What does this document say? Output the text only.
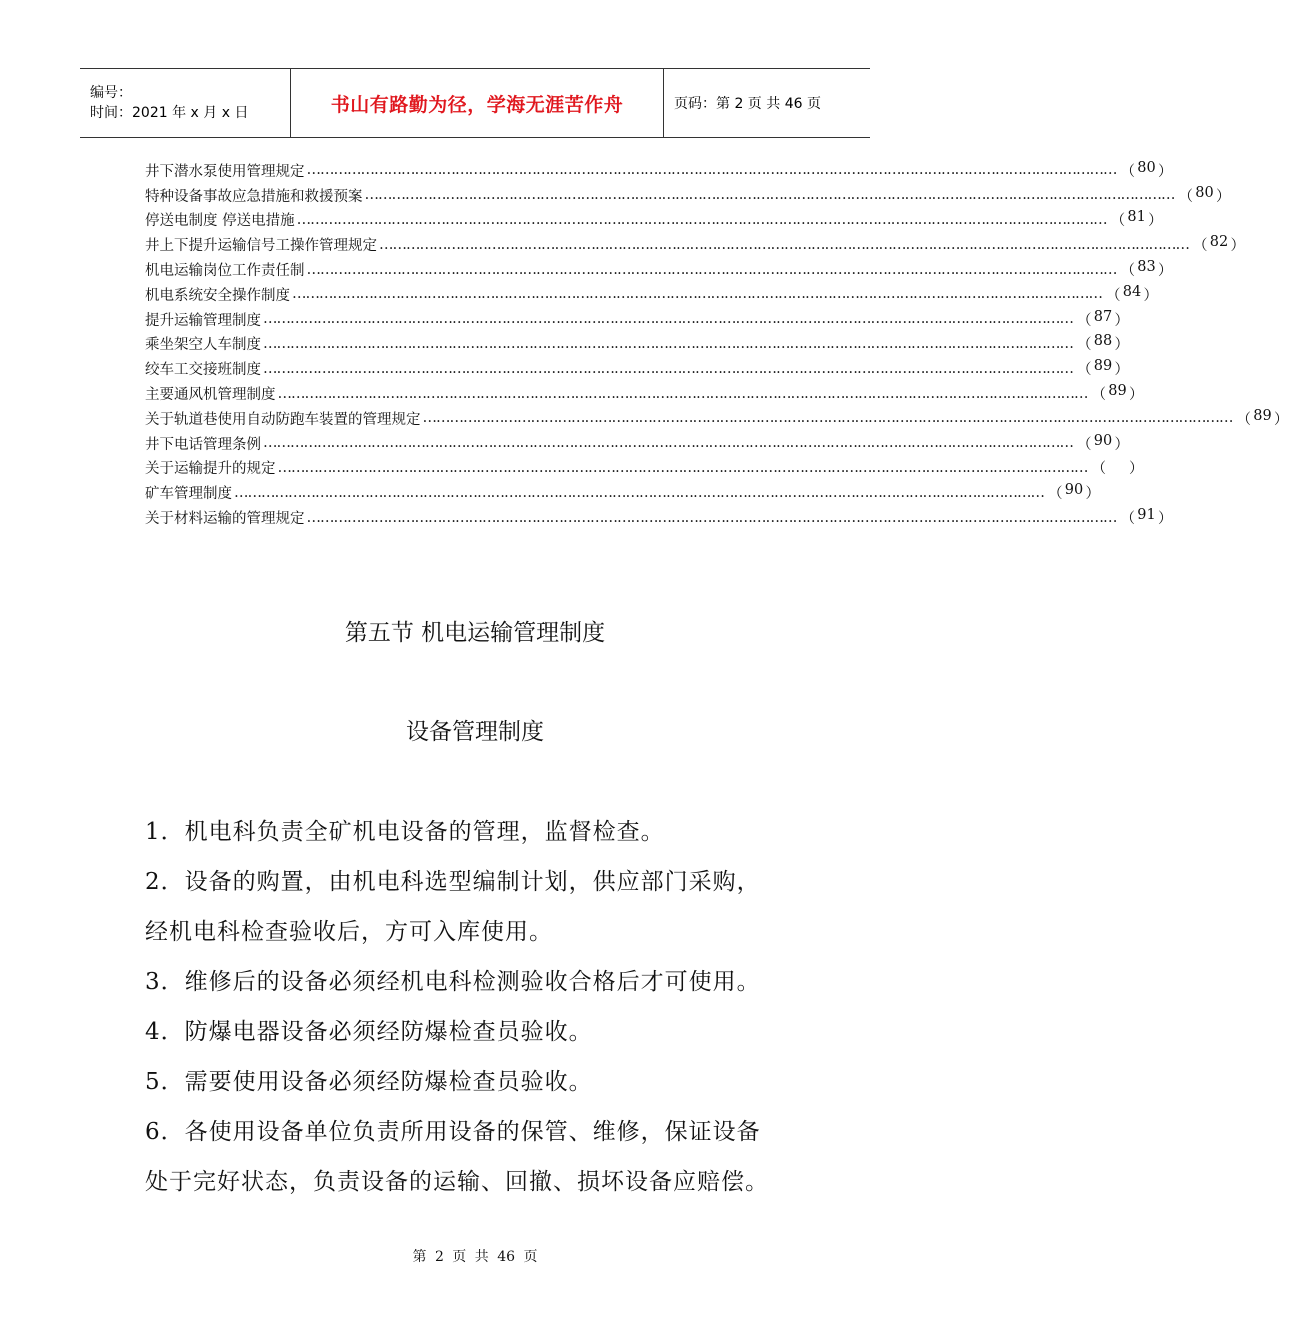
编号：
时间：2021 年 x 月 x 日	书山有路勤为径，学海无涯苦作舟	页码：第 2 页 共 46 页
井下潜水泵使用管理规定 ……………………………………………………………………………………………………………………………………………………………… （ 80 ）
特种设备事故应急措施和救援预案 ……………………………………………………………………………………………………………………………………………………………… （ 80 ）
停送电制度 停送电措施 ……………………………………………………………………………………………………………………………………………………………… （ 81 ）
井上下提升运输信号工操作管理规定 ……………………………………………………………………………………………………………………………………………………………… （ 82 ）
机电运输岗位工作责任制 ……………………………………………………………………………………………………………………………………………………………… （ 83 ）
机电系统安全操作制度 ……………………………………………………………………………………………………………………………………………………………… （ 84 ）
提升运输管理制度 ……………………………………………………………………………………………………………………………………………………………… （ 87 ）
乘坐架空人车制度 ……………………………………………………………………………………………………………………………………………………………… （ 88 ）
绞车工交接班制度 ……………………………………………………………………………………………………………………………………………………………… （ 89 ）
主要通风机管理制度 ……………………………………………………………………………………………………………………………………………………………… （ 89 ）
关于轨道巷使用自动防跑车装置的管理规定 ……………………………………………………………………………………………………………………………………………………………… （ 89 ）
井下电话管理条例 ……………………………………………………………………………………………………………………………………………………………… （ 90 ）
关于运输提升的规定 ……………………………………………………………………………………………………………………………………………………………… （ ）
矿车管理制度 ……………………………………………………………………………………………………………………………………………………………… （ 90 ）
关于材料运输的管理规定 ……………………………………………………………………………………………………………………………………………………………… （ 91 ）
第五节 机电运输管理制度
设备管理制度
1．机电科负责全矿机电设备的管理，监督检查。
2．设备的购置，由机电科选型编制计划，供应部门采购，
经机电科检查验收后，方可入库使用。
3．维修后的设备必须经机电科检测验收合格后才可使用。
4．防爆电器设备必须经防爆检查员验收。
5．需要使用设备必须经防爆检查员验收。
6．各使用设备单位负责所用设备的保管、维修，保证设备
处于完好状态，负责设备的运输、回撤、损坏设备应赔偿。
第 2 页 共 46 页
